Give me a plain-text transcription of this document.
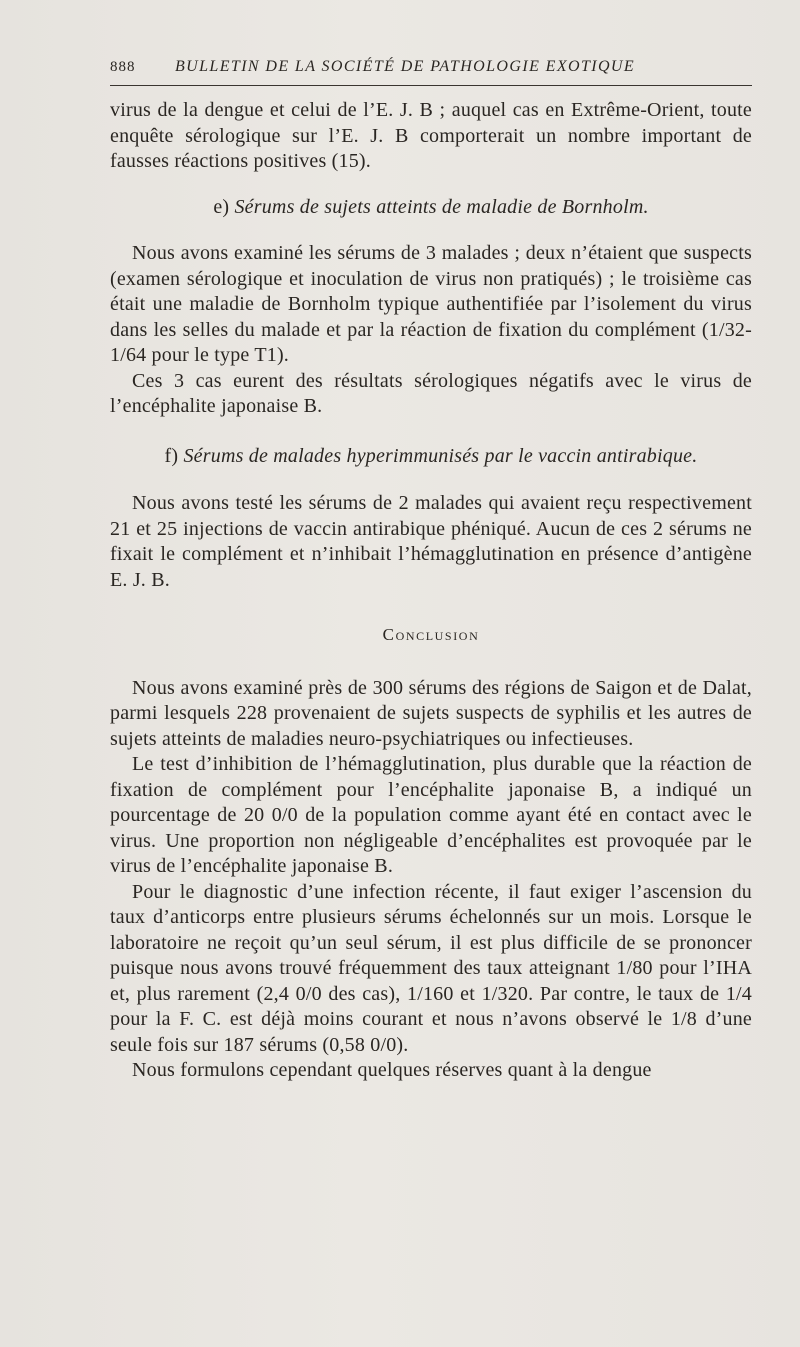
888 BULLETIN DE LA SOCIÉTÉ DE PATHOLOGIE EXOTIQUE

virus de la dengue et celui de l’E. J. B ; auquel cas en Extrême-Orient, toute enquête sérologique sur l’E. J. B comporterait un nombre important de fausses réactions positives (15).

e) Sérums de sujets atteints de maladie de Bornholm.

Nous avons examiné les sérums de 3 malades ; deux n’étaient que suspects (examen sérologique et inoculation de virus non pratiqués) ; le troisième cas était une maladie de Bornholm typique authentifiée par l’isolement du virus dans les selles du malade et par la réaction de fixation du complément (1/32-1/64 pour le type T1).

Ces 3 cas eurent des résultats sérologiques négatifs avec le virus de l’encéphalite japonaise B.

f) Sérums de malades hyperimmunisés par le vaccin antirabique.

Nous avons testé les sérums de 2 malades qui avaient reçu respectivement 21 et 25 injections de vaccin antirabique phéniqué. Aucun de ces 2 sérums ne fixait le complément et n’inhibait l’hémagglutination en présence d’antigène E. J. B.

Conclusion

Nous avons examiné près de 300 sérums des régions de Saigon et de Dalat, parmi lesquels 228 provenaient de sujets suspects de syphilis et les autres de sujets atteints de maladies neuro-psychiatriques ou infectieuses.

Le test d’inhibition de l’hémagglutination, plus durable que la réaction de fixation de complément pour l’encéphalite japonaise B, a indiqué un pourcentage de 20 0/0 de la population comme ayant été en contact avec le virus. Une proportion non négligeable d’encéphalites est provoquée par le virus de l’encéphalite japonaise B.

Pour le diagnostic d’une infection récente, il faut exiger l’ascension du taux d’anticorps entre plusieurs sérums échelonnés sur un mois. Lorsque le laboratoire ne reçoit qu’un seul sérum, il est plus difficile de se prononcer puisque nous avons trouvé fréquemment des taux atteignant 1/80 pour l’IHA et, plus rarement (2,4 0/0 des cas), 1/160 et 1/320. Par contre, le taux de 1/4 pour la F. C. est déjà moins courant et nous n’avons observé le 1/8 d’une seule fois sur 187 sérums (0,58 0/0).

Nous formulons cependant quelques réserves quant à la dengue
